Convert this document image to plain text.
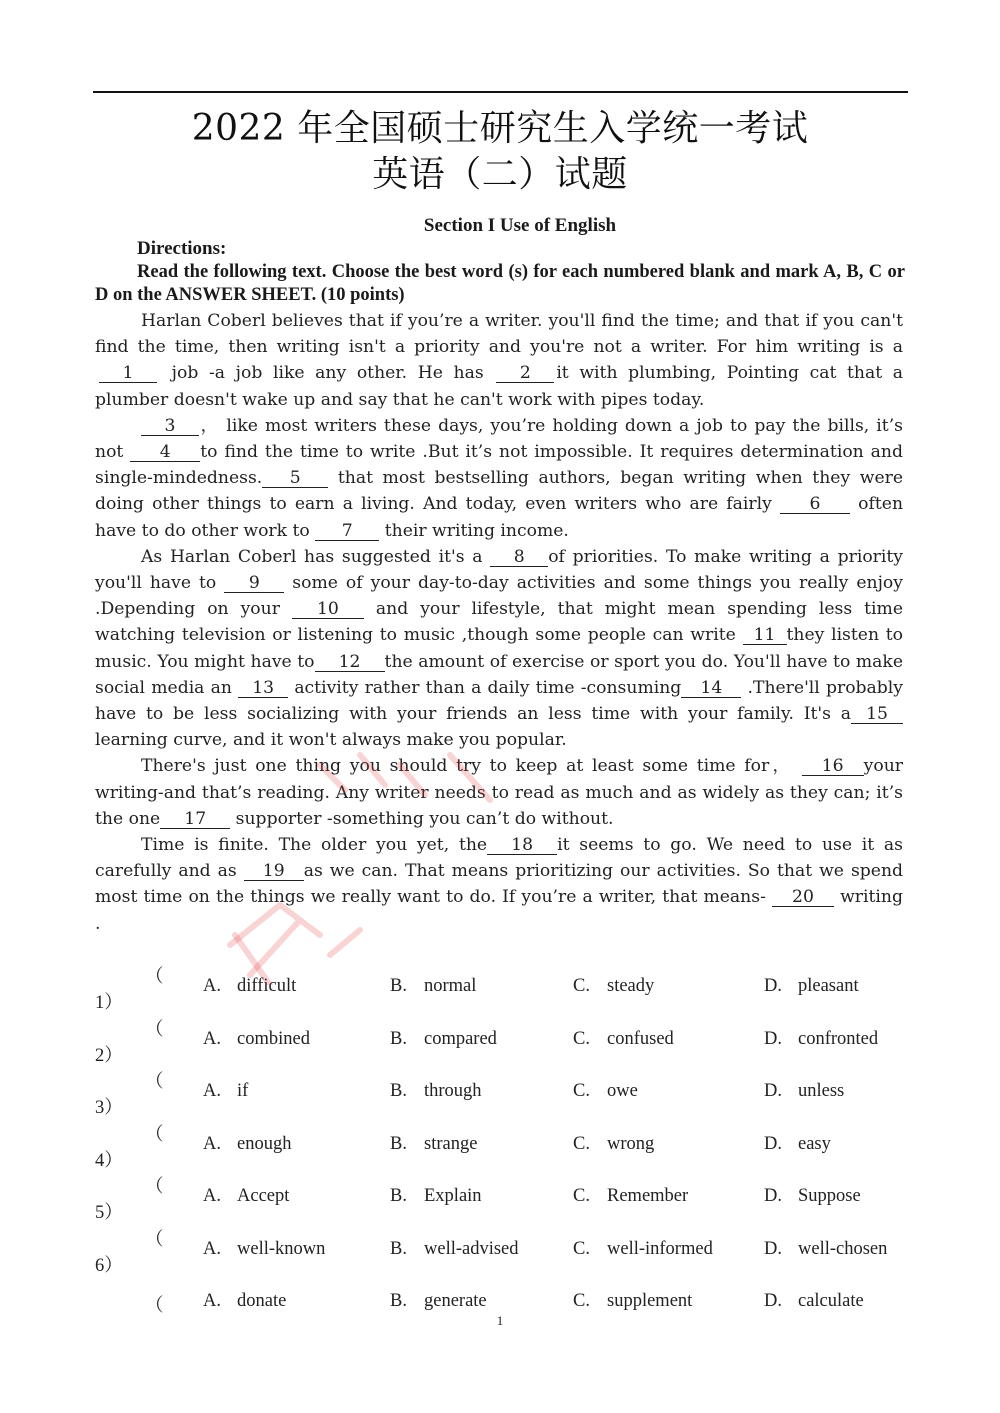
2022 年全国硕士研究生入学统一考试
英语（二）试题
Section I Use of English
Directions:
Read the following text. Choose the best word (s) for each numbered blank and mark A, B, C or D on the ANSWER SHEET. (10 points)

Harlan Coberl believes that if you’re a writer. you'll find the time; and that if you can't find the time, then writing isn't a priority and you're not a writer. For him writing is a1 job -a job like any other. He has 2 it with plumbing, Pointing cat that a plumber doesn't wake up and say that he can't work with pipes today.

3 ， like most writers these days, you’re holding down a job to pay the bills, it’s not 4 to find the time to write .But it’s not impossible. It requires determination and single-mindedness. 5 that most bestselling authors, began writing when they were doing other things to earn a living. And today, even writers who are fairly 6 often have to do other work to 7 their writing income.

As Harlan Coberl has suggested it's a 8 of priorities. To make writing a priority you'll have to 9 some of your day-to-day activities and some things you really enjoy .Depending on your 10 and your lifestyle, that might mean spending less time watching television or listening to music ,though some people can write 11 they listen to music. You might have to 12 the amount of exercise or sport you do. You'll have to make social media an 13 activity rather than a daily time -consuming 14 .There'll probably have to be less socializing with your friends an less time with your family. It's a 15learning curve, and it won't always make you popular.

There's just one thing you should try to keep at least some time for， 16 your writing-and that’s reading. Any writer needs to read as much and as widely as they can; it’s the one 17 supporter -something you can’t do without.

Time is finite. The older you yet, the 18 it seems to go. We need to use it as carefully and as 19 as we can. That means prioritizing our activities. So that we spend most time on the things we really want to do. If you’re a writer, that means- 20 writing .

（
1）
A. difficult	B. normal	C. steady	D. pleasant
（
2）
A. combined	B. compared	C. confused	D. confronted
（
3）
A. if	B. through	C. owe	D. unless
（
4）
A. enough	B. strange	C. wrong	D. easy
（
5）
A. Accept	B. Explain	C. Remember	D. Suppose
（
6）
A. well-known	B. well-advised	C. well-informed	D. well-chosen
（ A. donate	B. generate	C. supplement	D. calculate
1
